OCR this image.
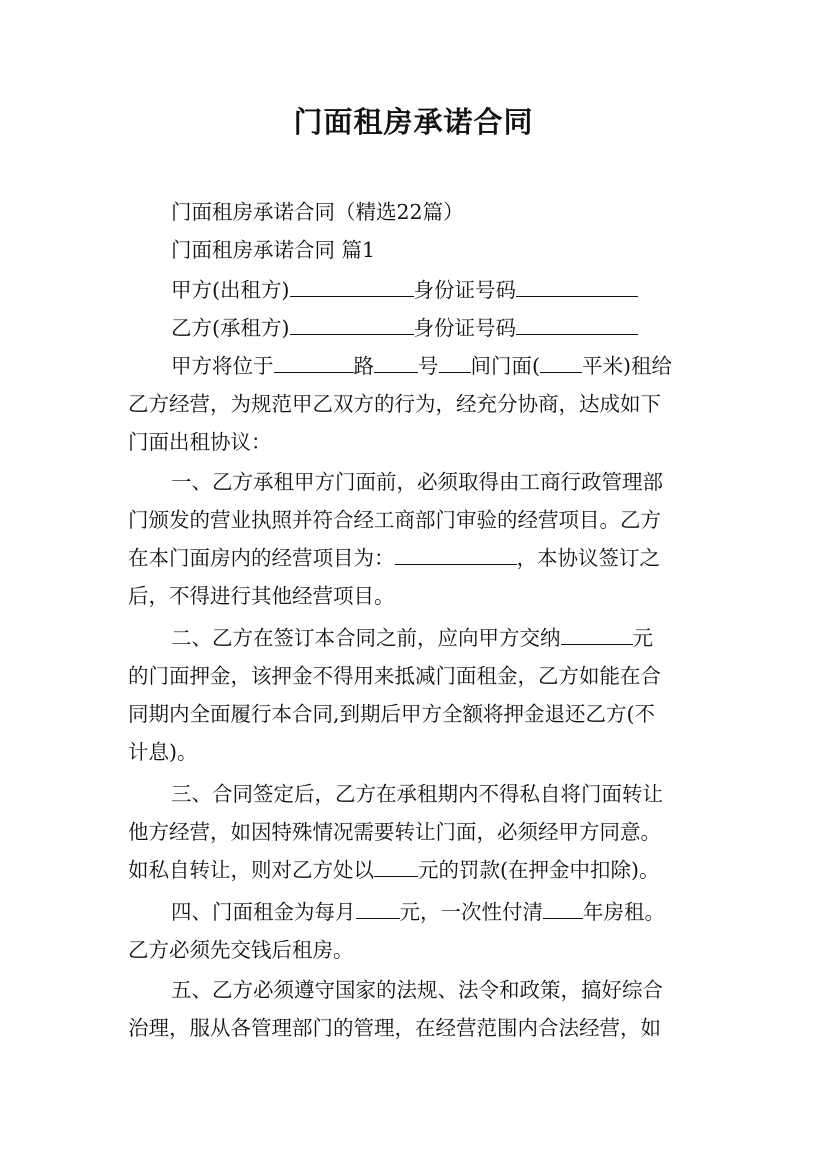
门面租房承诺合同
门面租房承诺合同（精选22篇）
门面租房承诺合同 篇1
甲方(出租方)	身份证号码
乙方(承租方)	身份证号码
甲方将位于	路 号 间门面( 平米)租给
乙方经营，为规范甲乙双方的行为，经充分协商，达成如下
门面出租协议：
一、乙方承租甲方门面前，必须取得由工商行政管理部
门颁发的营业执照并符合经工商部门审验的经营项目。乙方
在本门面房内的经营项目为：	，本协议签订之
后，不得进行其他经营项目。
二、乙方在签订本合同之前，应向甲方交纳	元
的门面押金，该押金不得用来抵减门面租金，乙方如能在合
同期内全面履行本合同,到期后甲方全额将押金退还乙方(不
计息)。
三、合同签定后，乙方在承租期内不得私自将门面转让
他方经营，如因特殊情况需要转让门面，必须经甲方同意。
如私自转让，则对乙方处以 元的罚款(在押金中扣除)。
四、门面租金为每月 元，一次性付清 年房租。
乙方必须先交钱后租房。
五、乙方必须遵守国家的法规、法令和政策，搞好综合
治理，服从各管理部门的管理，在经营范围内合法经营，如
